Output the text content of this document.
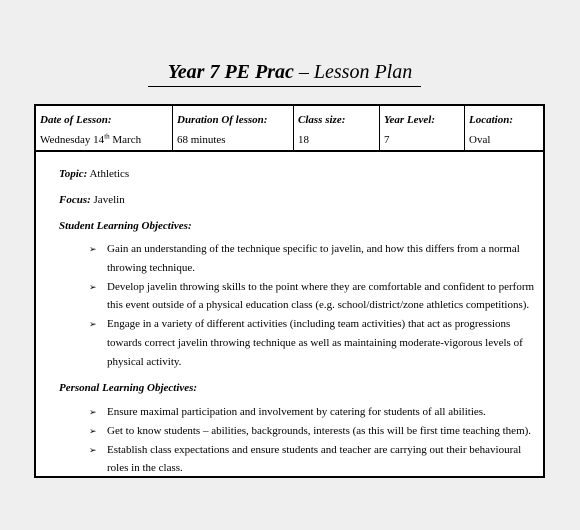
Year 7 PE Prac – Lesson Plan
Date of Lesson:
Wednesday 14th March
Duration Of lesson:
68 minutes
Class size:
18
Year Level:
7
Location:
Oval
Topic: Athletics
Focus: Javelin
Student Learning Objectives:
➢ Gain an understanding of the technique specific to javelin, and how this differs from a normal
throwing technique.
➢ Develop javelin throwing skills to the point where they are comfortable and confident to perform
this event outside of a physical education class (e.g. school/district/zone athletics competitions).
➢ Engage in a variety of different activities (including team activities) that act as progressions
towards correct javelin throwing technique as well as maintaining moderate-vigorous levels of
physical activity.
Personal Learning Objectives:
➢ Ensure maximal participation and involvement by catering for students of all abilities.
➢ Get to know students – abilities, backgrounds, interests (as this will be first time teaching them).
➢ Establish class expectations and ensure students and teacher are carrying out their behavioural
roles in the class.
